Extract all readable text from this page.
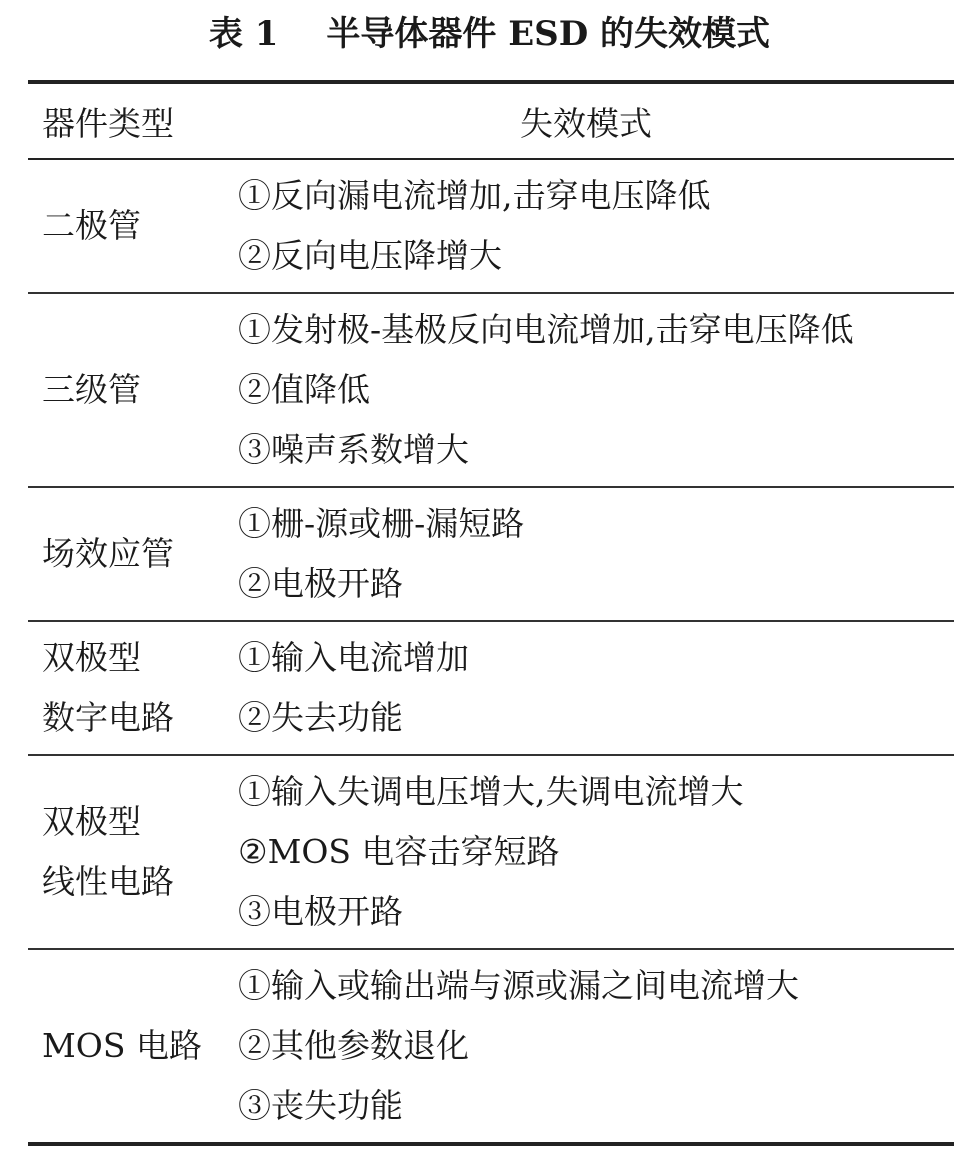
表 1 半导体器件 ESD 的失效模式
器件类型	失效模式

二极管	①反向漏电流增加,击穿电压降低
②反向电压降增大

三级管	①发射极-基极反向电流增加,击穿电压降低
②值降低
③噪声系数增大

场效应管	①栅-源或栅-漏短路
②电极开路

双极型
数字电路	①输入电流增加
②失去功能

双极型
线性电路	①输入失调电压增大,失调电流增大
②MOS 电容击穿短路
③电极开路

MOS 电路	①输入或输出端与源或漏之间电流增大
②其他参数退化
③丧失功能
